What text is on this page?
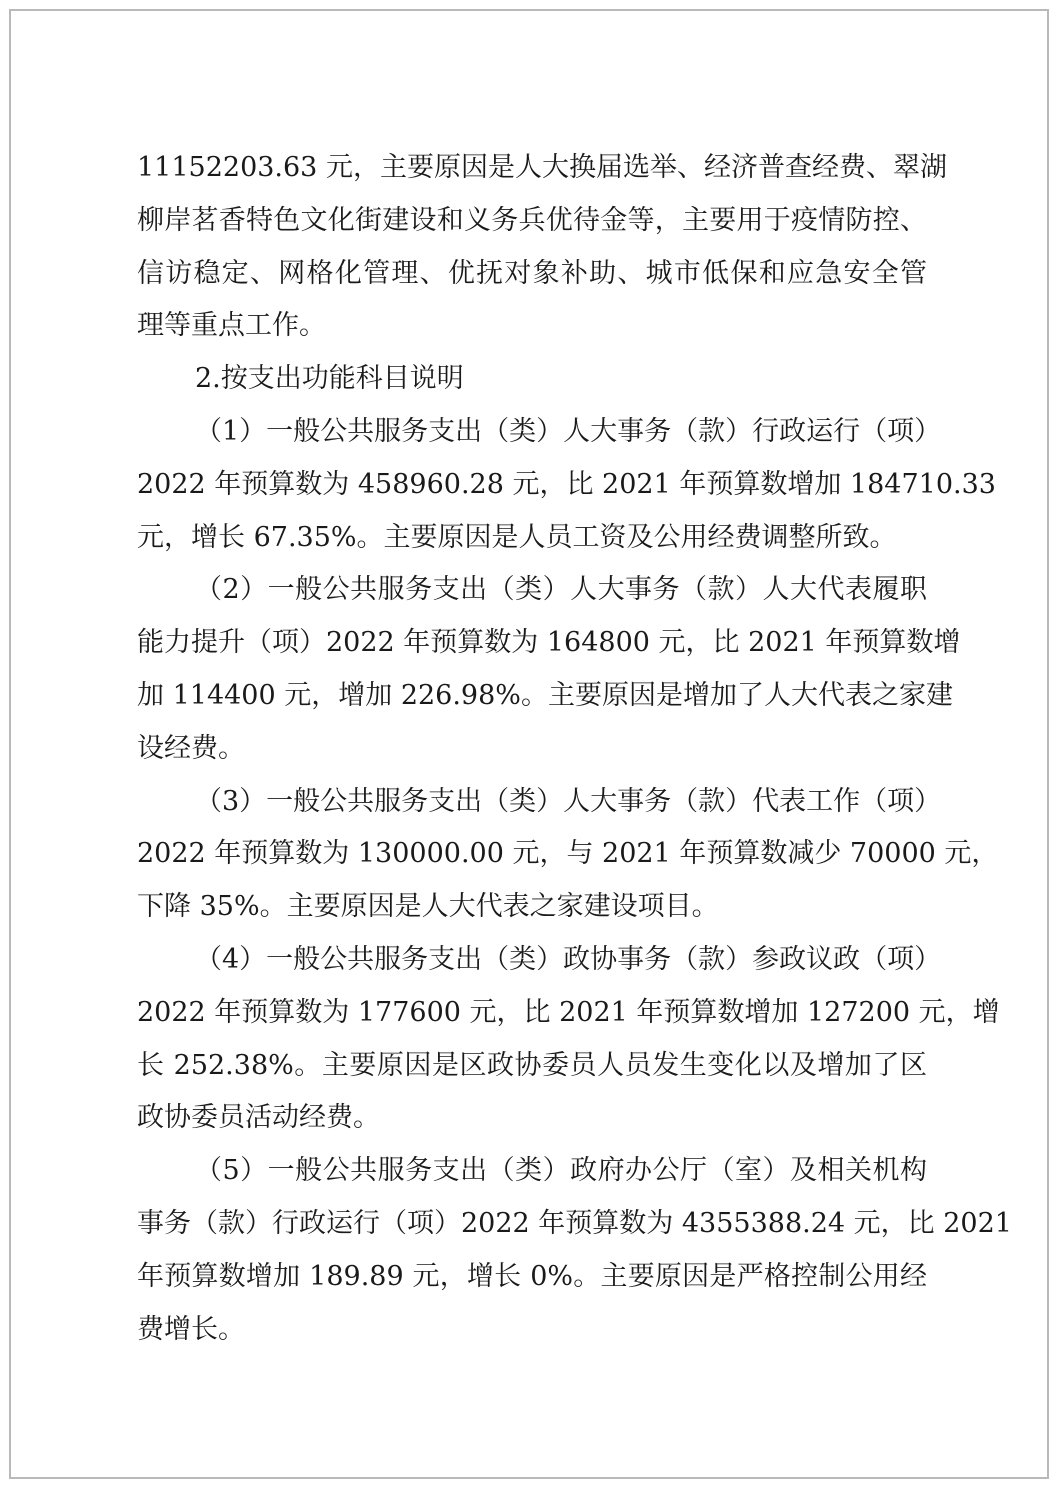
11152203.63 元，主要原因是人大换届选举、经济普查经费、翠湖
柳岸茗香特色文化街建设和义务兵优待金等，主要用于疫情防控、
信访稳定、网格化管理、优抚对象补助、城市低保和应急安全管
理等重点工作。
2.按支出功能科目说明
（1）一般公共服务支出（类）人大事务（款）行政运行（项）
2022 年预算数为 458960.28 元，比 2021 年预算数增加 184710.33
元，增长 67.35%。主要原因是人员工资及公用经费调整所致。
（2）一般公共服务支出（类）人大事务（款）人大代表履职
能力提升（项）2022 年预算数为 164800 元，比 2021 年预算数增
加 114400 元，增加 226.98%。主要原因是增加了人大代表之家建
设经费。
（3）一般公共服务支出（类）人大事务（款）代表工作（项）
2022 年预算数为 130000.00 元，与 2021 年预算数减少 70000 元，
下降 35%。主要原因是人大代表之家建设项目。
（4）一般公共服务支出（类）政协事务（款）参政议政（项）
2022 年预算数为 177600 元，比 2021 年预算数增加 127200 元，增
长 252.38%。主要原因是区政协委员人员发生变化以及增加了区
政协委员活动经费。
（5）一般公共服务支出（类）政府办公厅（室）及相关机构
事务（款）行政运行（项）2022 年预算数为 4355388.24 元，比 2021
年预算数增加 189.89 元，增长 0%。主要原因是严格控制公用经
费增长。
